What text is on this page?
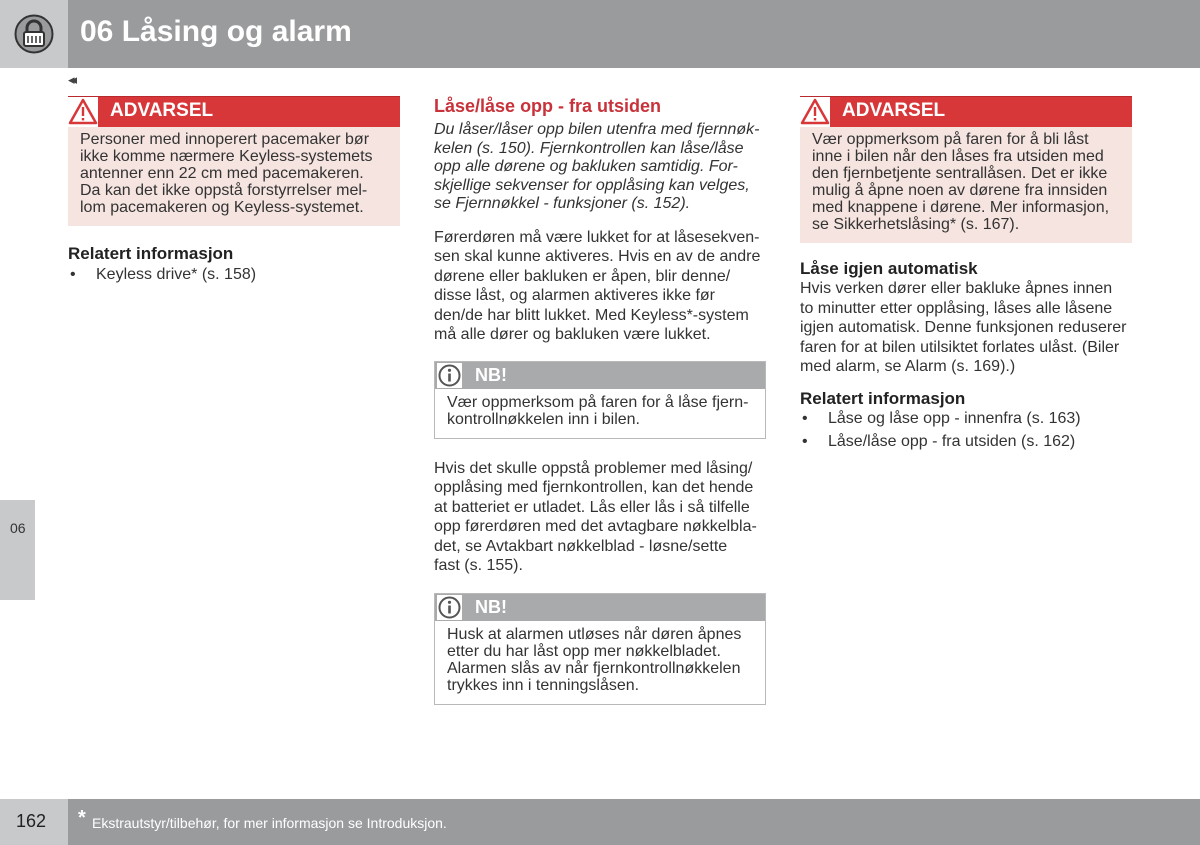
06 Låsing og alarm
◂◂
06
ADVARSEL
Personer med innoperert pacemaker bør
ikke komme nærmere Keyless-systemets
antenner enn 22 cm med pacemakeren.
Da kan det ikke oppstå forstyrrelser mel-
lom pacemakeren og Keyless-systemet.
Relatert informasjon
• Keyless drive* (s. 158)
Låse/låse opp - fra utsiden
Du låser/låser opp bilen utenfra med fjernnøk-
kelen (s. 150). Fjernkontrollen kan låse/låse
opp alle dørene og bakluken samtidig. For-
skjellige sekvenser for opplåsing kan velges,
se Fjernnøkkel - funksjoner (s. 152).
Førerdøren må være lukket for at låsesekven-
sen skal kunne aktiveres. Hvis en av de andre
dørene eller bakluken er åpen, blir denne/
disse låst, og alarmen aktiveres ikke før
den/de har blitt lukket. Med Keyless*-system
må alle dører og bakluken være lukket.
NB!
Vær oppmerksom på faren for å låse fjern-
kontrollnøkkelen inn i bilen.
Hvis det skulle oppstå problemer med låsing/
opplåsing med fjernkontrollen, kan det hende
at batteriet er utladet. Lås eller lås i så tilfelle
opp førerdøren med det avtagbare nøkkelbla-
det, se Avtakbart nøkkelblad - løsne/sette
fast (s. 155).
NB!
Husk at alarmen utløses når døren åpnes
etter du har låst opp mer nøkkelbladet.
Alarmen slås av når fjernkontrollnøkkelen
trykkes inn i tenningslåsen.
ADVARSEL
Vær oppmerksom på faren for å bli låst
inne i bilen når den låses fra utsiden med
den fjernbetjente sentrallåsen. Det er ikke
mulig å åpne noen av dørene fra innsiden
med knappene i dørene. Mer informasjon,
se Sikkerhetslåsing* (s. 167).
Låse igjen automatisk
Hvis verken dører eller bakluke åpnes innen
to minutter etter opplåsing, låses alle låsene
igjen automatisk. Denne funksjonen reduserer
faren for at bilen utilsiktet forlates ulåst. (Biler
med alarm, se Alarm (s. 169).)
Relatert informasjon
• Låse og låse opp - innenfra (s. 163)
• Låse/låse opp - fra utsiden (s. 162)
162 * Ekstrautstyr/tilbehør, for mer informasjon se Introduksjon.
